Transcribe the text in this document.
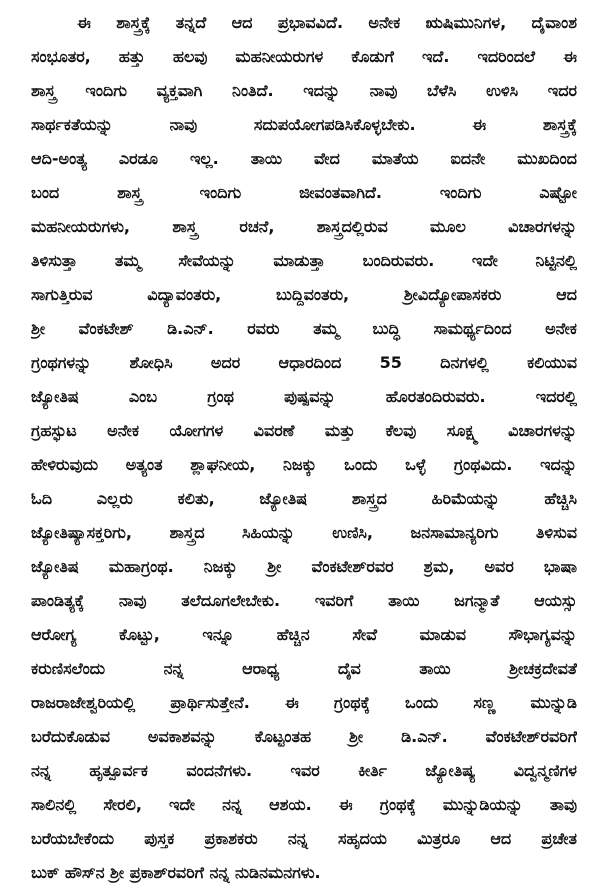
ಈ ಶಾಸ್ತ್ರಕ್ಕೆ ತನ್ನದೆ ಆದ ಪ್ರಭಾವವಿದೆ. ಅನೇಕ ಋಷಿಮುನಿಗಳ, ದೈವಾಂಶ
ಸಂಭೂತರ, ಹತ್ತು ಹಲವು ಮಹನೀಯರುಗಳ ಕೊಡುಗೆ ಇದೆ. ಇದರಿಂದಲೆ ಈ
ಶಾಸ್ತ್ರ ಇಂದಿಗು ವ್ಯಕ್ತವಾಗಿ ನಿಂತಿದೆ. ಇದನ್ನು ನಾವು ಬೆಳೆಸಿ ಉಳಿಸಿ ಇದರ
ಸಾರ್ಥಕತೆಯನ್ನು ನಾವು ಸದುಪಯೋಗಪಡಿಸಿಕೊಳ್ಳಬೇಕು. ಈ ಶಾಸ್ತ್ರಕ್ಕೆ
ಆದಿ-ಅಂತ್ಯ ಎರಡೂ ಇಲ್ಲ. ತಾಯಿ ವೇದ ಮಾತೆಯ ಐದನೇ ಮುಖದಿಂದ
ಬಂದ ಶಾಸ್ತ್ರ ಇಂದಿಗು ಜೀವಂತವಾಗಿದೆ. ಇಂದಿಗು ಎಷ್ಟೋ
ಮಹನೀಯರುಗಳು, ಶಾಸ್ತ್ರ ರಚನೆ, ಶಾಸ್ತ್ರದಲ್ಲಿರುವ ಮೂಲ ವಿಚಾರಗಳನ್ನು
ತಿಳಿಸುತ್ತಾ ತಮ್ಮ ಸೇವೆಯನ್ನು ಮಾಡುತ್ತಾ ಬಂದಿರುವರು. ಇದೇ ನಿಟ್ಟಿನಲ್ಲಿ
ಸಾಗುತ್ತಿರುವ ವಿದ್ಯಾವಂತರು, ಬುದ್ದಿವಂತರು, ಶ್ರೀವಿದ್ಯೋಪಾಸಕರು ಆದ
ಶ್ರೀ ವೆಂಕಟೇಶ್ ಡಿ.ಎನ್. ರವರು ತಮ್ಮ ಬುದ್ಧಿ ಸಾಮರ್ಥ್ಯದಿಂದ ಅನೇಕ
ಗ್ರಂಥಗಳನ್ನು ಶೋಧಿಸಿ ಅದರ ಆಧಾರದಿಂದ 55 ದಿನಗಳಲ್ಲಿ ಕಲಿಯುವ
ಜ್ಯೋತಿಷ ಎಂಬ ಗ್ರಂಥ ಪುಷ್ಪವನ್ನು ಹೊರತಂದಿರುವರು. ಇದರಲ್ಲಿ
ಗ್ರಹಸ್ಫುಟ ಅನೇಕ ಯೋಗಗಳ ವಿವರಣೆ ಮತ್ತು ಕೆಲವು ಸೂಕ್ಷ್ಮ ವಿಚಾರಗಳನ್ನು
ಹೇಳಿರುವುದು ಅತ್ಯಂತ ಶ್ಲಾಘನೀಯ, ನಿಜಕ್ಕು ಒಂದು ಒಳ್ಳೆ ಗ್ರಂಥವಿದು. ಇದನ್ನು
ಓದಿ ಎಲ್ಲರು ಕಲಿತು, ಜ್ಯೋತಿಷ ಶಾಸ್ತ್ರದ ಹಿರಿಮೆಯನ್ನು ಹೆಚ್ಚಿಸಿ
ಜ್ಯೋತಿಷ್ಯಾಸಕ್ತರಿಗು, ಶಾಸ್ತ್ರದ ಸಿಹಿಯನ್ನು ಉಣಿಸಿ, ಜನಸಾಮಾನ್ಯರಿಗು ತಿಳಿಸುವ
ಜ್ಯೋತಿಷ ಮಹಾಗ್ರಂಥ. ನಿಜಕ್ಕು ಶ್ರೀ ವೆಂಕಟೇಶ್‌ರವರ ಶ್ರಮ, ಅವರ ಭಾಷಾ
ಪಾಂಡಿತ್ಯಕ್ಕೆ ನಾವು ತಲೆದೂಗಲೇಬೇಕು. ಇವರಿಗೆ ತಾಯಿ ಜಗನ್ಮಾತೆ ಆಯಸ್ಸು
ಆರೋಗ್ಯ ಕೊಟ್ಟು, ಇನ್ನೂ ಹೆಚ್ಚಿನ ಸೇವೆ ಮಾಡುವ ಸೌಭಾಗ್ಯವನ್ನು
ಕರುಣಿಸಲೆಂದು ನನ್ನ ಆರಾಧ್ಯ ದೈವ ತಾಯಿ ಶ್ರೀಚಕ್ರದೇವತೆ
ರಾಜರಾಜೇಶ್ವರಿಯಲ್ಲಿ ಪ್ರಾರ್ಥಿಸುತ್ತೇನೆ. ಈ ಗ್ರಂಥಕ್ಕೆ ಒಂದು ಸಣ್ಣ ಮುನ್ನುಡಿ
ಬರೆದುಕೊಡುವ ಅವಕಾಶವನ್ನು ಕೊಟ್ಟಂತಹ ಶ್ರೀ ಡಿ.ಎನ್. ವೆಂಕಟೇಶ್‌ರವರಿಗೆ
ನನ್ನ ಹೃತ್ಪೂರ್ವಕ ವಂದನೆಗಳು. ಇವರ ಕೀರ್ತಿ ಜ್ಯೋತಿಷ್ಯ ವಿದ್ವನ್ಮಣಿಗಳ
ಸಾಲಿನಲ್ಲಿ ಸೇರಲಿ, ಇದೇ ನನ್ನ ಆಶಯ. ಈ ಗ್ರಂಥಕ್ಕೆ ಮುನ್ನುಡಿಯನ್ನು ತಾವು
ಬರೆಯಬೇಕೆಂದು ಪುಸ್ತಕ ಪ್ರಕಾಶಕರು ನನ್ನ ಸಹೃದಯ ಮಿತ್ರರೂ ಆದ ಪ್ರಚೇತ
ಬುಕ್ ಹೌಸ್‌ನ ಶ್ರೀ ಪ್ರಕಾಶ್‌ರವರಿಗೆ ನನ್ನ ನುಡಿನಮನಗಳು.
